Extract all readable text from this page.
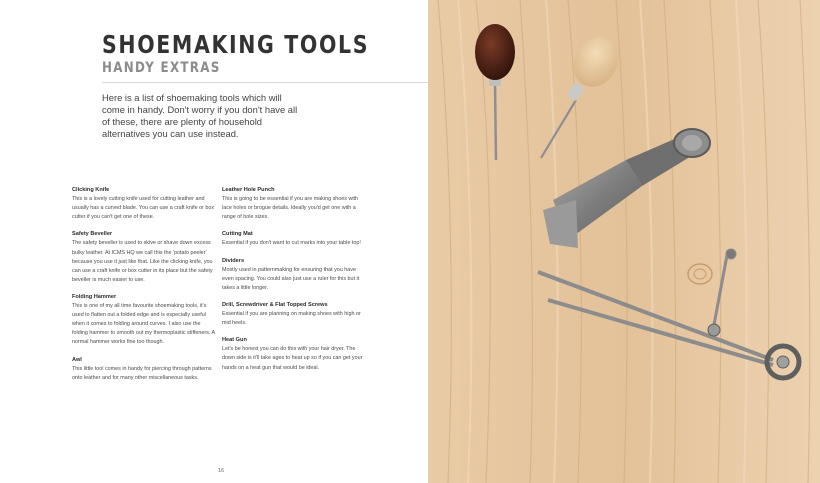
SHOEMAKING TOOLS
HANDY EXTRAS

Here is a list of shoemaking tools which will come in handy. Don't worry if you don't have all of these, there are plenty of household alternatives you can use instead.

Clicking Knife

This is a lovely cutting knife used for cutting leather and usually has a curved blade. You can use a craft knife or box cutter if you can't get one of these.

Safety Beveller

The safety beveller is used to skive or shave down excess bulky leather. At ICMS HQ we call this the 'potato peeler' because you use it just like that. Like the clicking knife, you can use a craft knife or box cutter in its place but the safety beveller is much easier to use.

Folding Hammer

This is one of my all time favourite shoemaking tools, it's used to flatten out a folded edge and is especially useful when it comes to folding around curves. I also use the folding hammer to smooth out my thermoplastic stiffeners. A normal hammer works fine too though.

Awl

This little tool comes in handy for piercing through patterns onto leather and for many other miscellaneous tasks.

Leather Hole Punch

This is going to be essential if you are making shoes with lace holes or brogue details. Ideally you'd get one with a range of hole sizes.

Cutting Mat

Essential if you don't want to cut marks into your table top!

Dividers

Mostly used in patternmaking for ensuring that you have even spacing. You could also just use a ruler for this but it takes a little longer.

Drill, Screwdriver & Flat Topped Screws

Essential if you are planning on making shoes with high or mid heels.

Heat Gun

Let's be honest you can do this with your hair dryer. The down side is it'll take ages to heat up so if you can get your hands on a heat gun that would be ideal.

16
